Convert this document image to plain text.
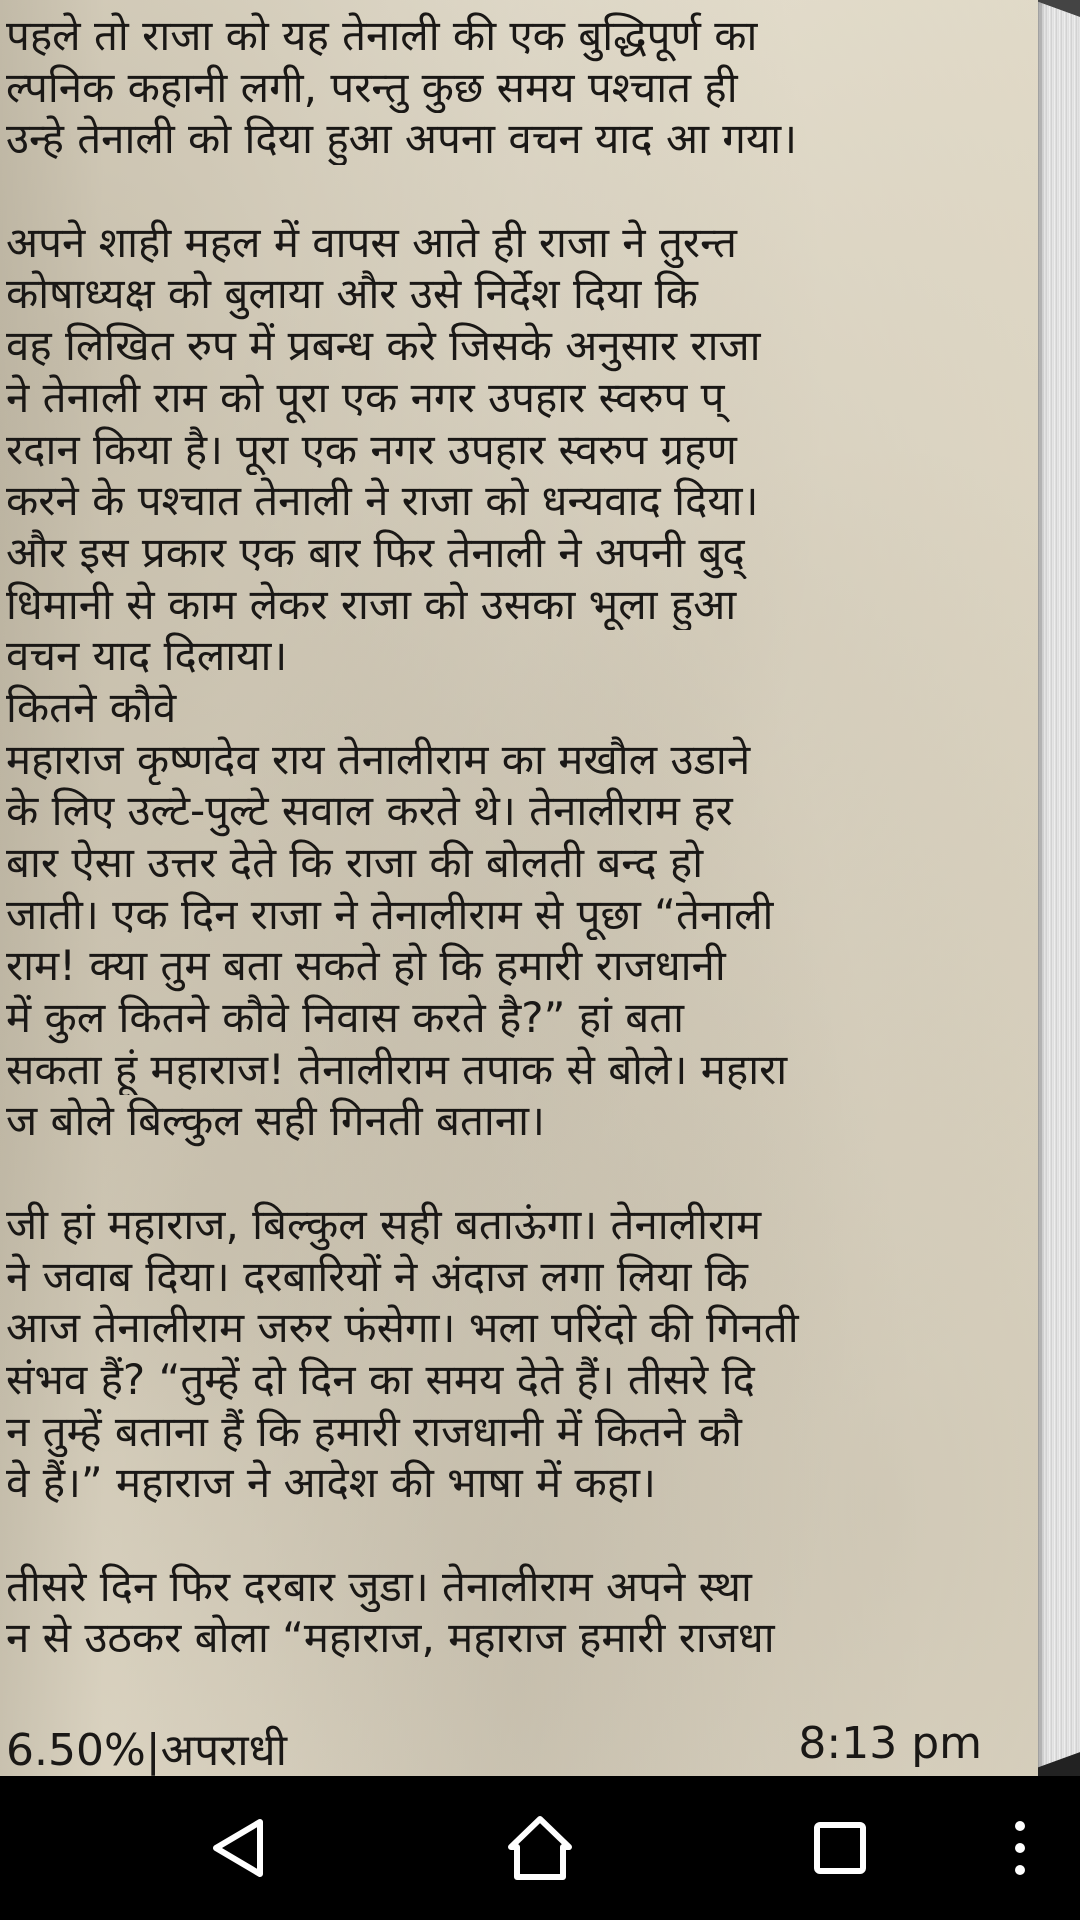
पहले तो राजा को यह तेनाली की एक बुद्धिपूर्ण का
ल्पनिक कहानी लगी, परन्तु कुछ समय पश्चात ही
उन्हे तेनाली को दिया हुआ अपना वचन याद आ गया।

अपने शाही महल में वापस आते ही राजा ने तुरन्त
कोषाध्यक्ष को बुलाया और उसे निर्देश दिया कि
वह लिखित रुप में प्रबन्ध करे जिसके अनुसार राजा
ने तेनाली राम को पूरा एक नगर उपहार स्वरुप प्
रदान किया है। पूरा एक नगर उपहार स्वरुप ग्रहण
करने के पश्चात तेनाली ने राजा को धन्यवाद दिया।
और इस प्रकार एक बार फिर तेनाली ने अपनी बुद्
धिमानी से काम लेकर राजा को उसका भूला हुआ
वचन याद दिलाया।
कितने कौवे
महाराज कृष्णदेव राय तेनालीराम का मखौल उडाने
के लिए उल्टे-पुल्टे सवाल करते थे। तेनालीराम हर
बार ऐसा उत्तर देते कि राजा की बोलती बन्द हो
जाती। एक दिन राजा ने तेनालीराम से पूछा “तेनाली
राम! क्या तुम बता सकते हो कि हमारी राजधानी
में कुल कितने कौवे निवास करते है?” हां बता
सकता हूं महाराज! तेनालीराम तपाक से बोले। महारा
ज बोले बिल्कुल सही गिनती बताना।

जी हां महाराज, बिल्कुल सही बताऊंगा। तेनालीराम
ने जवाब दिया। दरबारियों ने अंदाज लगा लिया कि
आज तेनालीराम जरुर फंसेगा। भला परिंदो की गिनती
संभव हैं? “तुम्हें दो दिन का समय देते हैं। तीसरे दि
न तुम्हें बताना हैं कि हमारी राजधानी में कितने कौ
वे हैं।” महाराज ने आदेश की भाषा में कहा।

तीसरे दिन फिर दरबार जुडा। तेनालीराम अपने स्था
न से उठकर बोला “महाराज, महाराज हमारी राजधा
6.50%|अपराधी	8:13 pm
